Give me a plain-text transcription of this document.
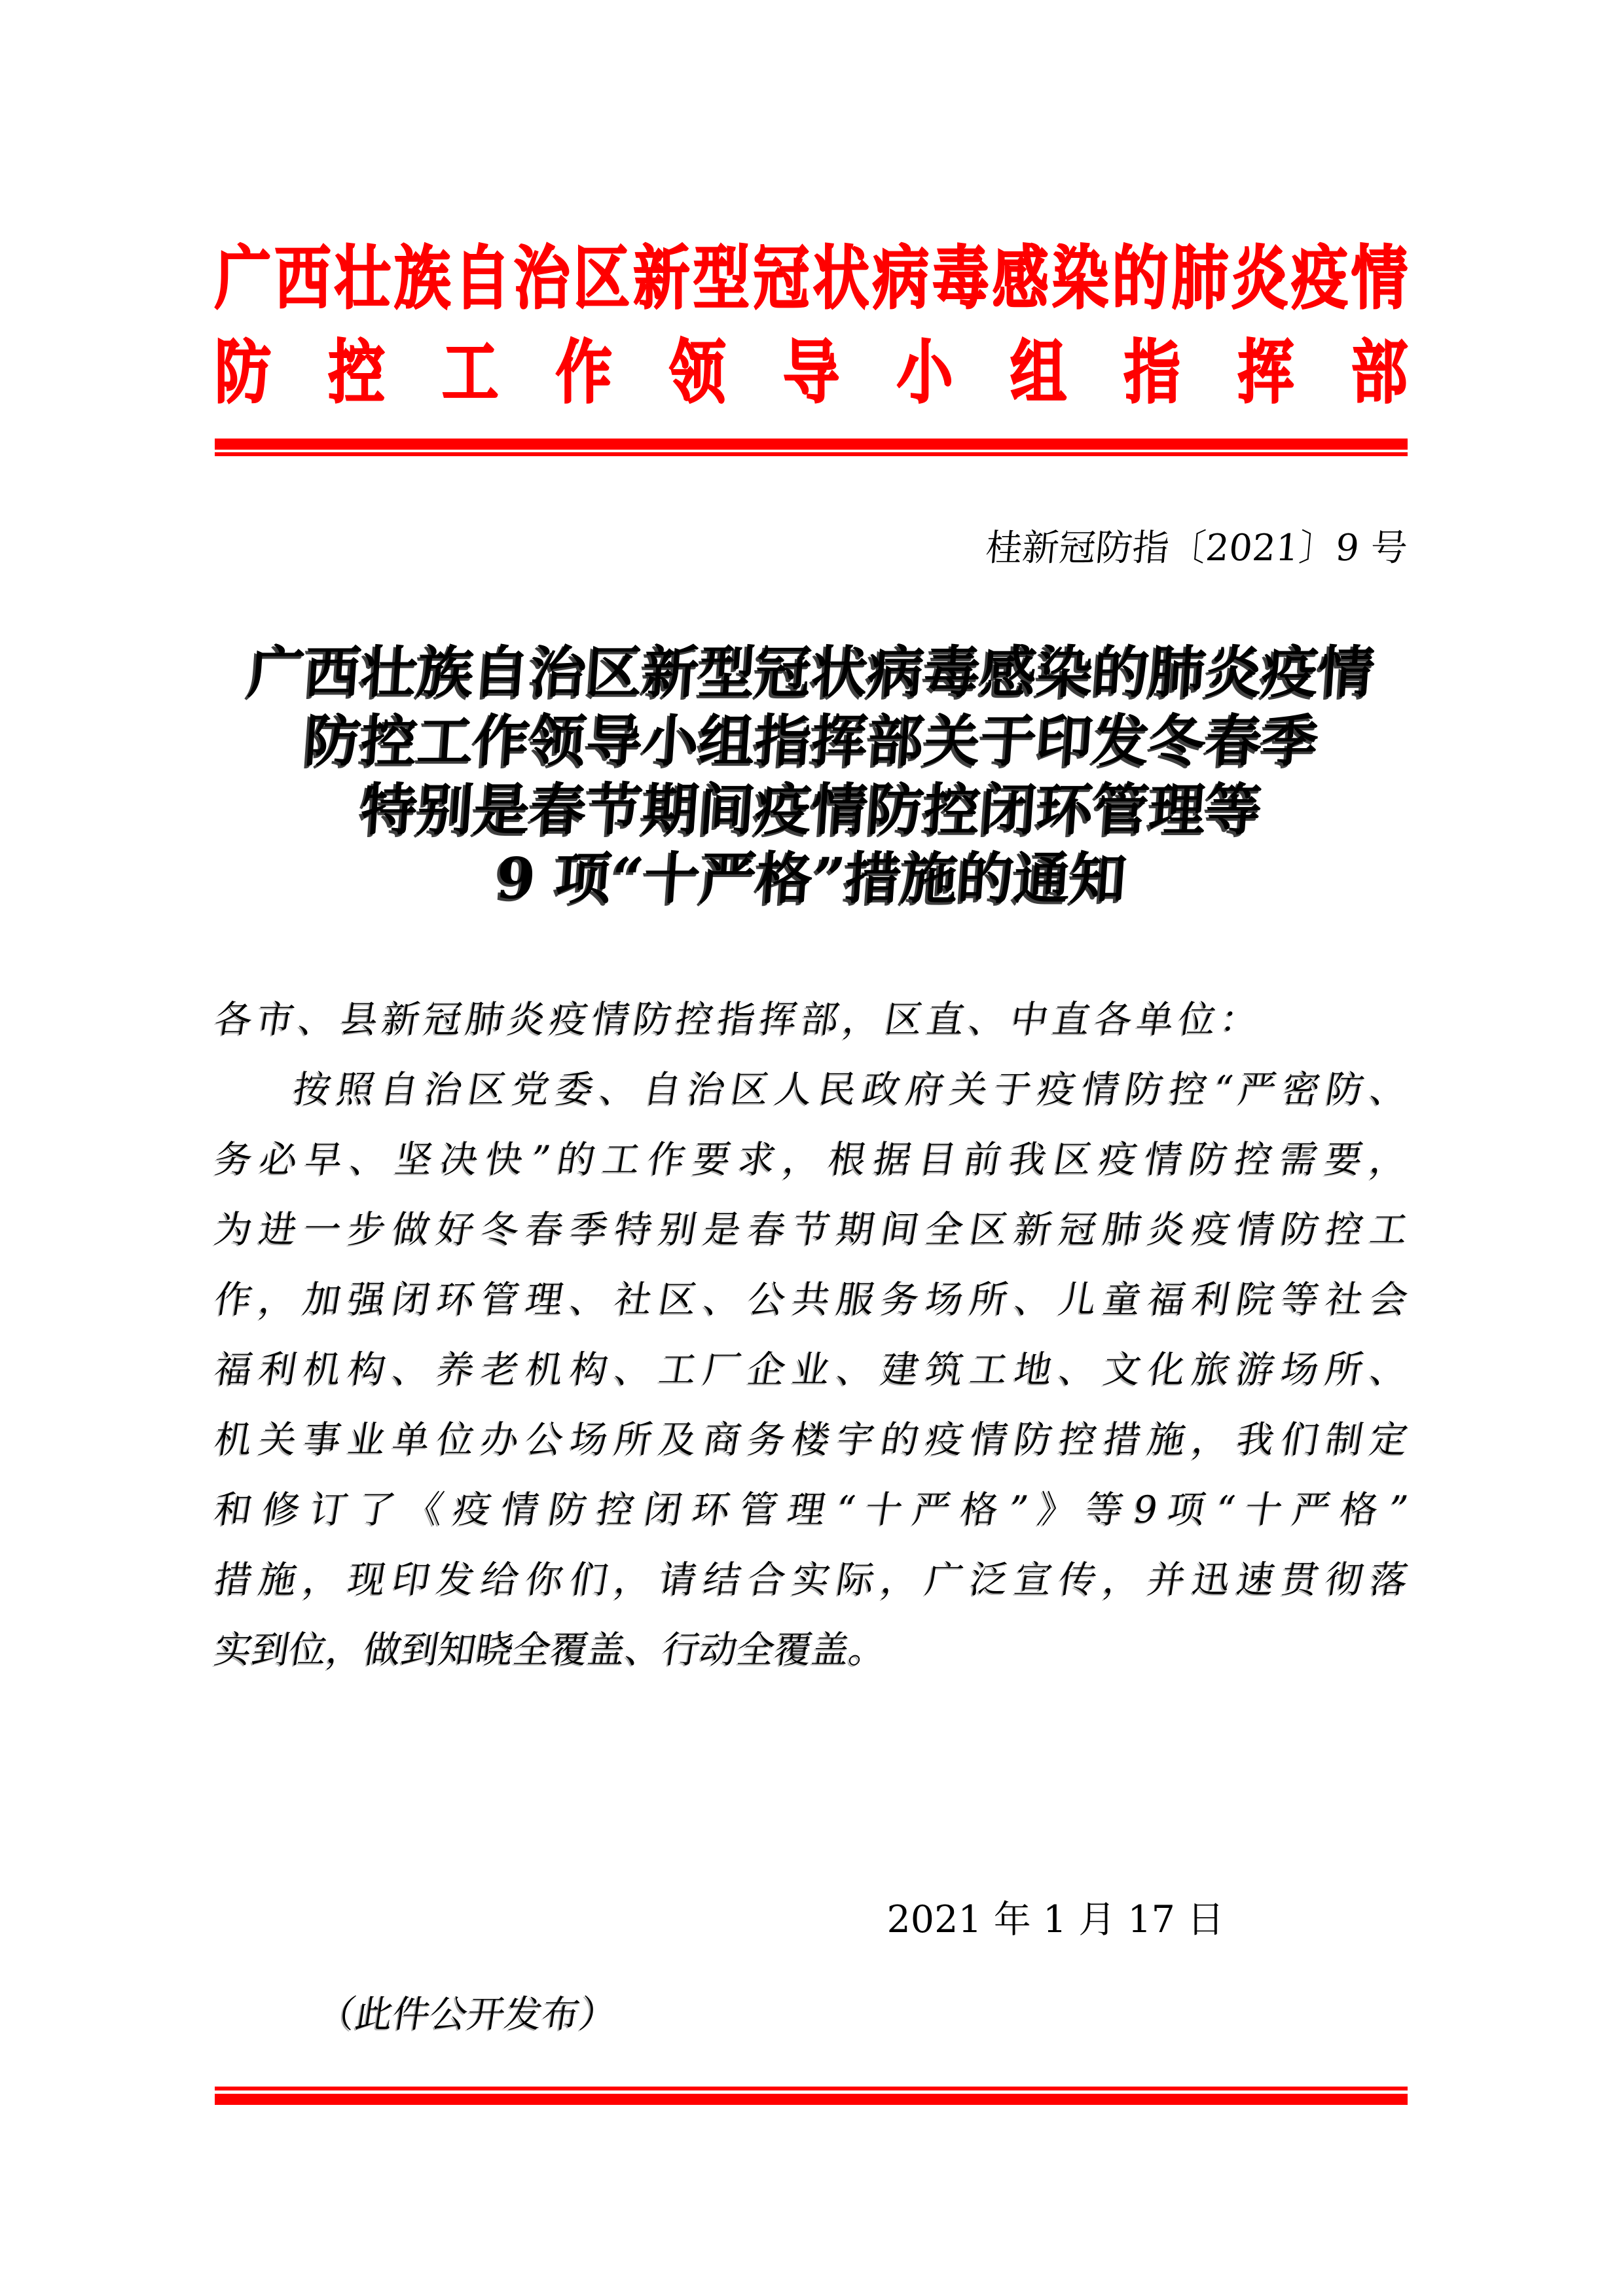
广 西 壮 族 自 治 区 新 型 冠 状 病 毒 感 染 的 肺 炎 疫 情
防 控 工 作 领 导 小 组 指 挥 部
桂新冠防指〔2021〕9 号
广西壮族自治区新型冠状病毒感染的肺炎疫情
防控工作领导小组指挥部关于印发冬春季
特别是春节期间疫情防控闭环管理等
9 项“十严格”措施的通知
各市、县新冠肺炎疫情防控指挥部，区直、中直各单位：
按 照 自 治 区 党 委 、 自 治 区 人 民 政 府 关 于 疫 情 防 控 “ 严 密 防 、
务 必 早 、 坚 决 快 ” 的 工 作 要 求 ， 根 据 目 前 我 区 疫 情 防 控 需 要 ，
为 进 一 步 做 好 冬 春 季 特 别 是 春 节 期 间 全 区 新 冠 肺 炎 疫 情 防 控 工
作 ， 加 强 闭 环 管 理 、 社 区 、 公 共 服 务 场 所 、 儿 童 福 利 院 等 社 会
福 利 机 构 、 养 老 机 构 、 工 厂 企 业 、 建 筑 工 地 、 文 化 旅 游 场 所 、
机 关 事 业 单 位 办 公 场 所 及 商 务 楼 宇 的 疫 情 防 控 措 施 ， 我 们 制 定
和 修 订 了 《 疫 情 防 控 闭 环 管 理 “ 十 严 格 ” 》 等 9 项 “ 十 严 格 ”
措 施 ， 现 印 发 给 你 们 ， 请 结 合 实 际 ， 广 泛 宣 传 ， 并 迅 速 贯 彻 落
实到位，做到知晓全覆盖、行动全覆盖。
2021 年 1 月 17 日
（此件公开发布）
